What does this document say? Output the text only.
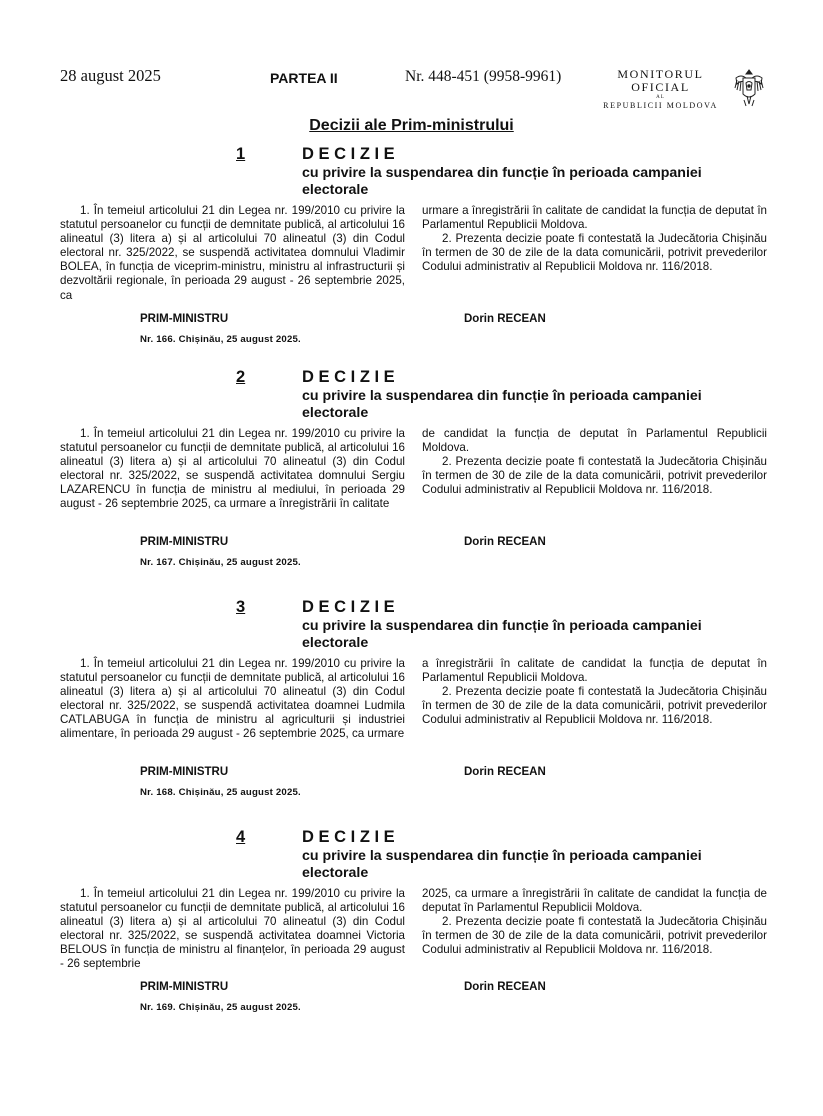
28 august 2025	PARTEA II	Nr. 448-451 (9958-9961)	MONITORUL OFICIAL
AL
REPUBLICII MOLDOVA
Decizii ale Prim-ministrului
1	DECIZIE
cu privire la suspendarea din funcție în perioada campaniei electorale

1. În temeiul articolului 21 din Legea nr. 199/2010 cu privire la statutul persoanelor cu funcții de demnitate publică, al articolului 16 alineatul (3) litera a) și al articolului 70 alineatul (3) din Codul electoral nr. 325/2022, se suspendă activitatea domnului Vladimir BOLEA, în funcția de viceprim-ministru, ministru al infrastructurii și dezvoltării regionale, în perioada 29 august - 26 septembrie 2025, ca

urmare a înregistrării în calitate de candidat la funcția de deputat în Parlamentul Republicii Moldova.

2. Prezenta decizie poate fi contestată la Judecătoria Chișinău în termen de 30 de zile de la data comunicării, potrivit prevederilor Codului administrativ al Republicii Moldova nr. 116/2018.

PRIM-MINISTRU	Dorin RECEAN
Nr. 166. Chișinău, 25 august 2025.
2	DECIZIE
cu privire la suspendarea din funcție în perioada campaniei electorale

1. În temeiul articolului 21 din Legea nr. 199/2010 cu privire la statutul persoanelor cu funcții de demnitate publică, al articolului 16 alineatul (3) litera a) și al articolului 70 alineatul (3) din Codul electoral nr. 325/2022, se suspendă activitatea domnului Sergiu LAZARENCU în funcția de ministru al mediului, în perioada 29 august - 26 septembrie 2025, ca urmare a înregistrării în calitate

de candidat la funcția de deputat în Parlamentul Republicii Moldova.

2. Prezenta decizie poate fi contestată la Judecătoria Chișinău în termen de 30 de zile de la data comunicării, potrivit prevederilor Codului administrativ al Republicii Moldova nr. 116/2018.

PRIM-MINISTRU	Dorin RECEAN
Nr. 167. Chișinău, 25 august 2025.
3	DECIZIE
cu privire la suspendarea din funcție în perioada campaniei electorale

1. În temeiul articolului 21 din Legea nr. 199/2010 cu privire la statutul persoanelor cu funcții de demnitate publică, al articolului 16 alineatul (3) litera a) și al articolului 70 alineatul (3) din Codul electoral nr. 325/2022, se suspendă activitatea doamnei Ludmila CATLABUGA în funcția de ministru al agriculturii și industriei alimentare, în perioada 29 august - 26 septembrie 2025, ca urmare

a înregistrării în calitate de candidat la funcția de deputat în Parlamentul Republicii Moldova.

2. Prezenta decizie poate fi contestată la Judecătoria Chișinău în termen de 30 de zile de la data comunicării, potrivit prevederilor Codului administrativ al Republicii Moldova nr. 116/2018.

PRIM-MINISTRU	Dorin RECEAN
Nr. 168. Chișinău, 25 august 2025.
4	DECIZIE
cu privire la suspendarea din funcție în perioada campaniei electorale

1. În temeiul articolului 21 din Legea nr. 199/2010 cu privire la statutul persoanelor cu funcții de demnitate publică, al articolului 16 alineatul (3) litera a) și al articolului 70 alineatul (3) din Codul electoral nr. 325/2022, se suspendă activitatea doamnei Victoria BELOUS în funcția de ministru al finanțelor, în perioada 29 august - 26 septembrie

2025, ca urmare a înregistrării în calitate de candidat la funcția de deputat în Parlamentul Republicii Moldova.

2. Prezenta decizie poate fi contestată la Judecătoria Chișinău în termen de 30 de zile de la data comunicării, potrivit prevederilor Codului administrativ al Republicii Moldova nr. 116/2018.

PRIM-MINISTRU	Dorin RECEAN
Nr. 169. Chișinău, 25 august 2025.
